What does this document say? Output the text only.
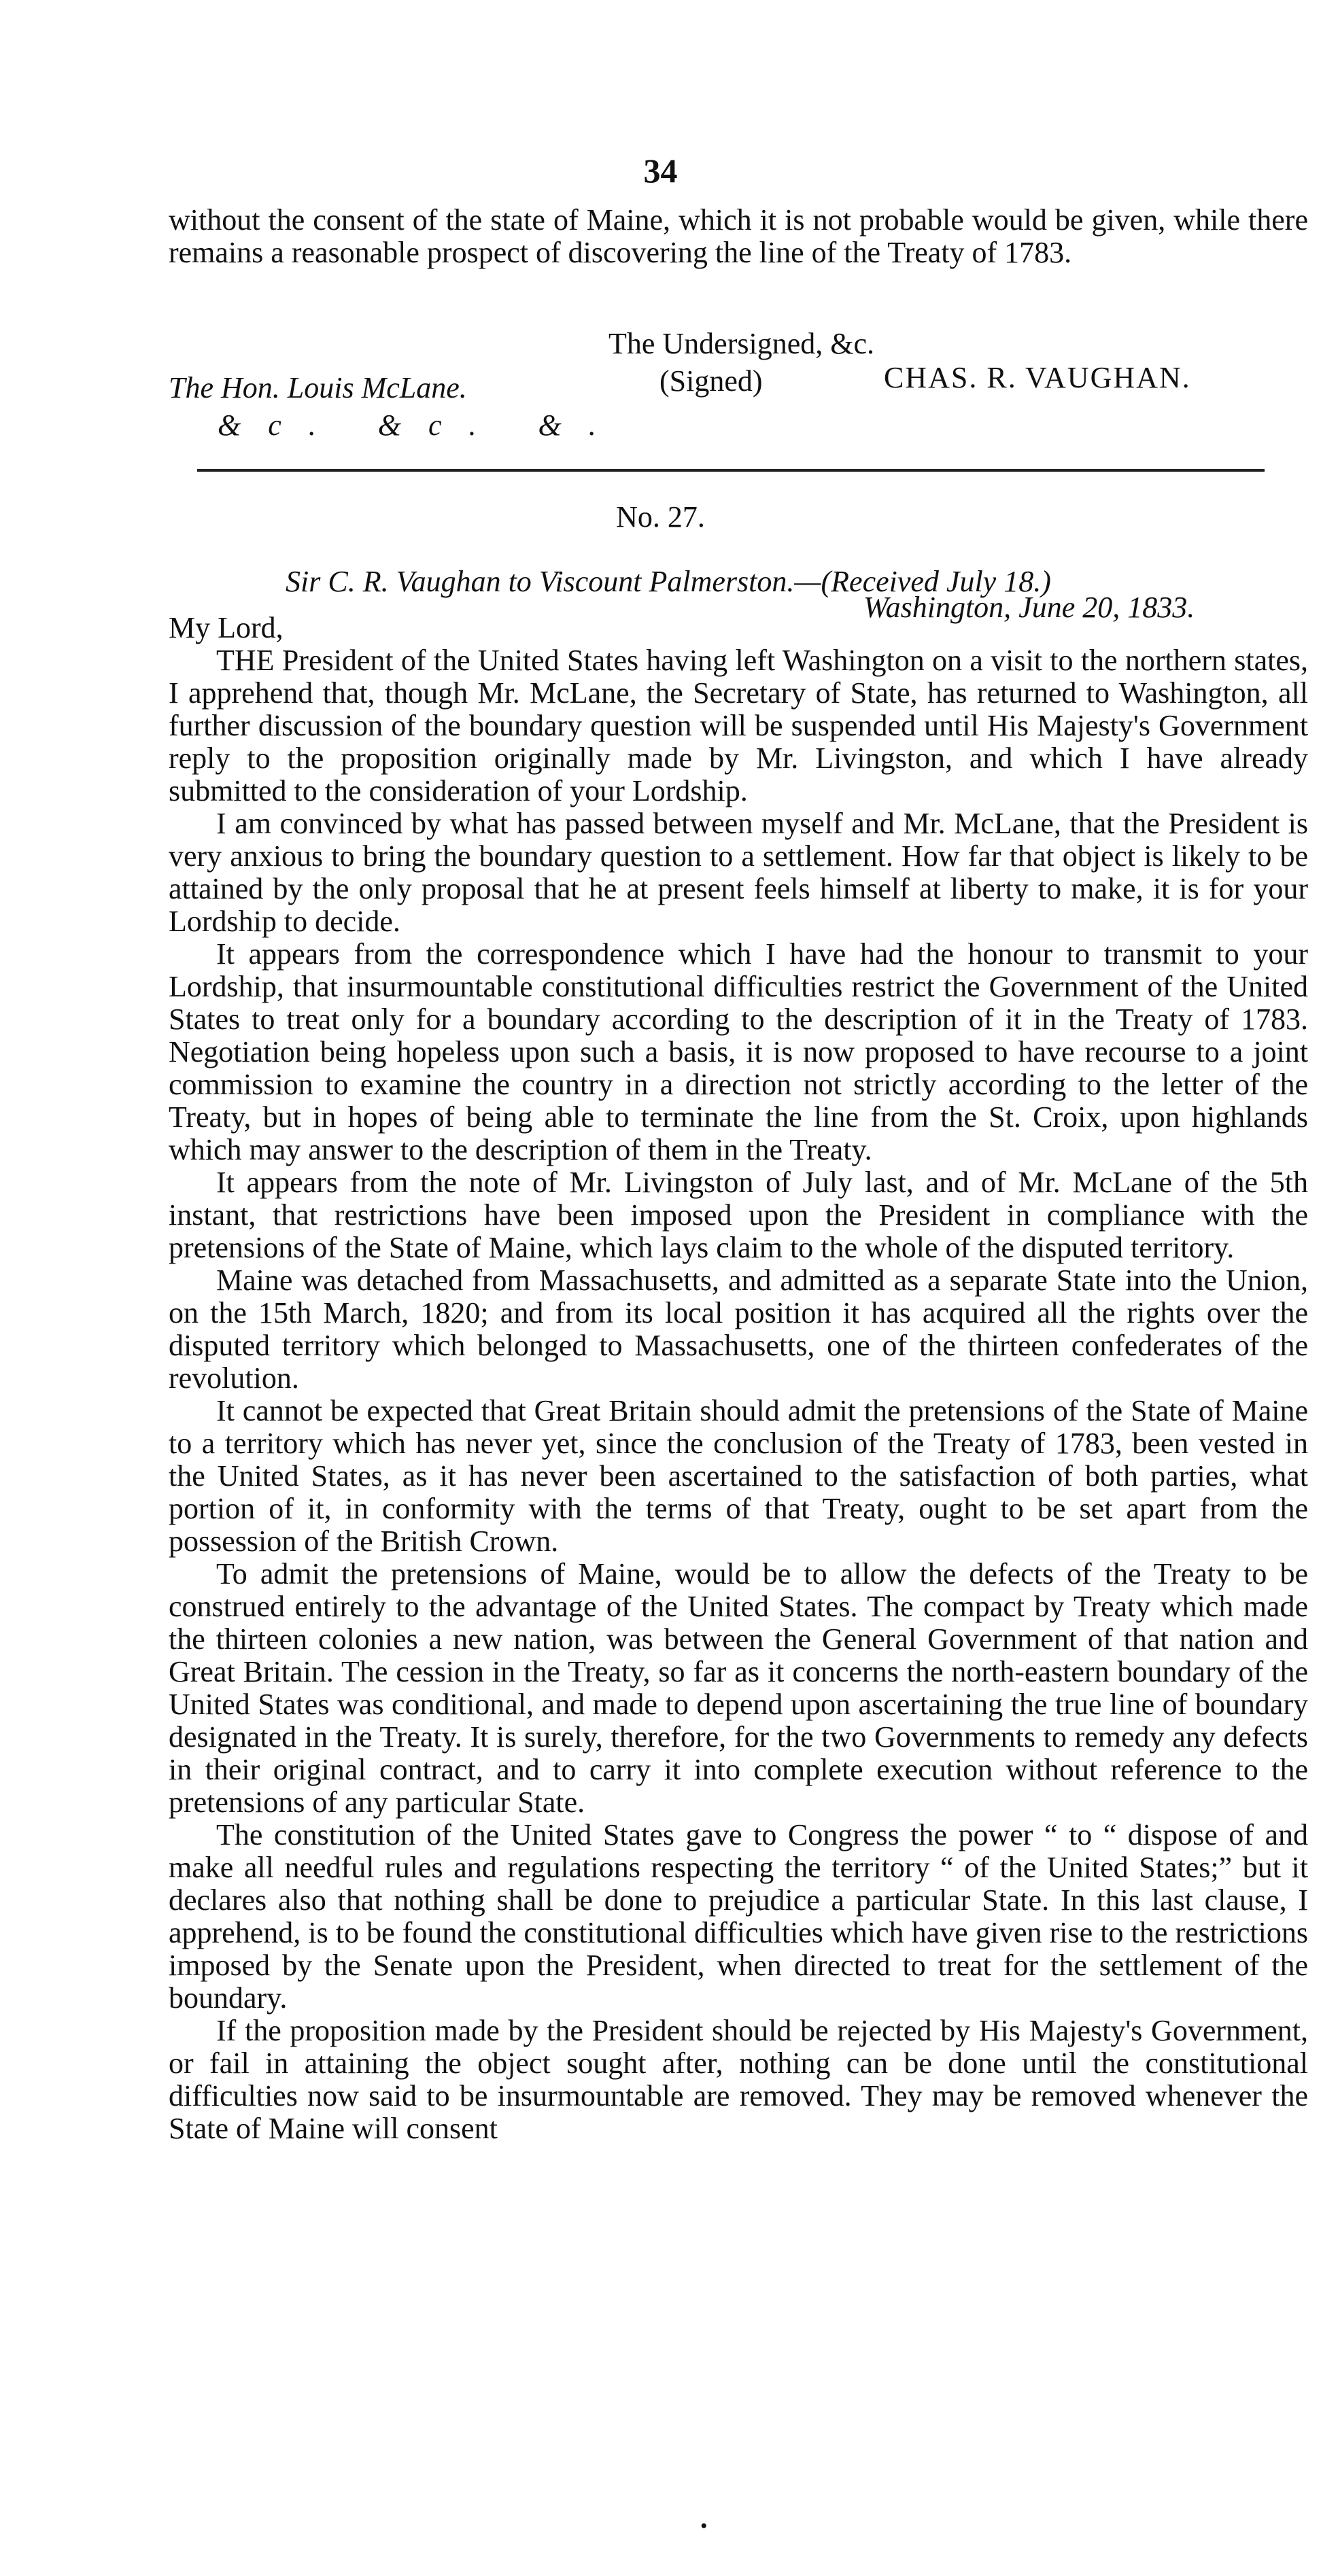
34

without the consent of the state of Maine, which it is not probable would be given, while there remains a reasonable prospect of discovering the line of the Treaty of 1783.

The Undersigned, &c.
The Hon. Louis McLane.	(Signed)	CHAS. R. VAUGHAN.
&c. &c. &.
No. 27.
Sir C. R. Vaughan to Viscount Palmerston.—(Received July 18.)
Washington, June 20, 1833.
My Lord,

THE President of the United States having left Washington on a visit to the northern states, I apprehend that, though Mr. McLane, the Secretary of State, has returned to Washington, all further discussion of the boundary question will be suspended until His Majesty's Government reply to the proposition originally made by Mr. Livingston, and which I have already submitted to the consideration of your Lordship.

I am convinced by what has passed between myself and Mr. McLane, that the President is very anxious to bring the boundary question to a settlement. How far that object is likely to be attained by the only proposal that he at present feels himself at liberty to make, it is for your Lordship to decide.

It appears from the correspondence which I have had the honour to transmit to your Lordship, that insurmountable constitutional difficulties restrict the Government of the United States to treat only for a boundary according to the description of it in the Treaty of 1783. Negotiation being hopeless upon such a basis, it is now proposed to have recourse to a joint commission to examine the country in a direction not strictly according to the letter of the Treaty, but in hopes of being able to terminate the line from the St. Croix, upon highlands which may answer to the description of them in the Treaty.

It appears from the note of Mr. Livingston of July last, and of Mr. McLane of the 5th instant, that restrictions have been imposed upon the President in compliance with the pretensions of the State of Maine, which lays claim to the whole of the disputed territory.

Maine was detached from Massachusetts, and admitted as a separate State into the Union, on the 15th March, 1820; and from its local position it has acquired all the rights over the disputed territory which belonged to Massachusetts, one of the thirteen confederates of the revolution.

It cannot be expected that Great Britain should admit the pretensions of the State of Maine to a territory which has never yet, since the conclusion of the Treaty of 1783, been vested in the United States, as it has never been ascertained to the satisfaction of both parties, what portion of it, in conformity with the terms of that Treaty, ought to be set apart from the possession of the British Crown.

To admit the pretensions of Maine, would be to allow the defects of the Treaty to be construed entirely to the advantage of the United States. The compact by Treaty which made the thirteen colonies a new nation, was between the General Government of that nation and Great Britain. The cession in the Treaty, so far as it concerns the north-eastern boundary of the United States was conditional, and made to depend upon ascertaining the true line of boundary designated in the Treaty. It is surely, therefore, for the two Governments to remedy any defects in their original contract, and to carry it into complete execution without reference to the pretensions of any particular State.

The constitution of the United States gave to Congress the power “ to “ dispose of and make all needful rules and regulations respecting the territory “ of the United States;” but it declares also that nothing shall be done to prejudice a particular State. In this last clause, I apprehend, is to be found the constitutional difficulties which have given rise to the restrictions imposed by the Senate upon the President, when directed to treat for the settlement of the boundary.

If the proposition made by the President should be rejected by His Majesty's Government, or fail in attaining the object sought after, nothing can be done until the constitutional difficulties now said to be insurmountable are removed. They may be removed whenever the State of Maine will consent

•
